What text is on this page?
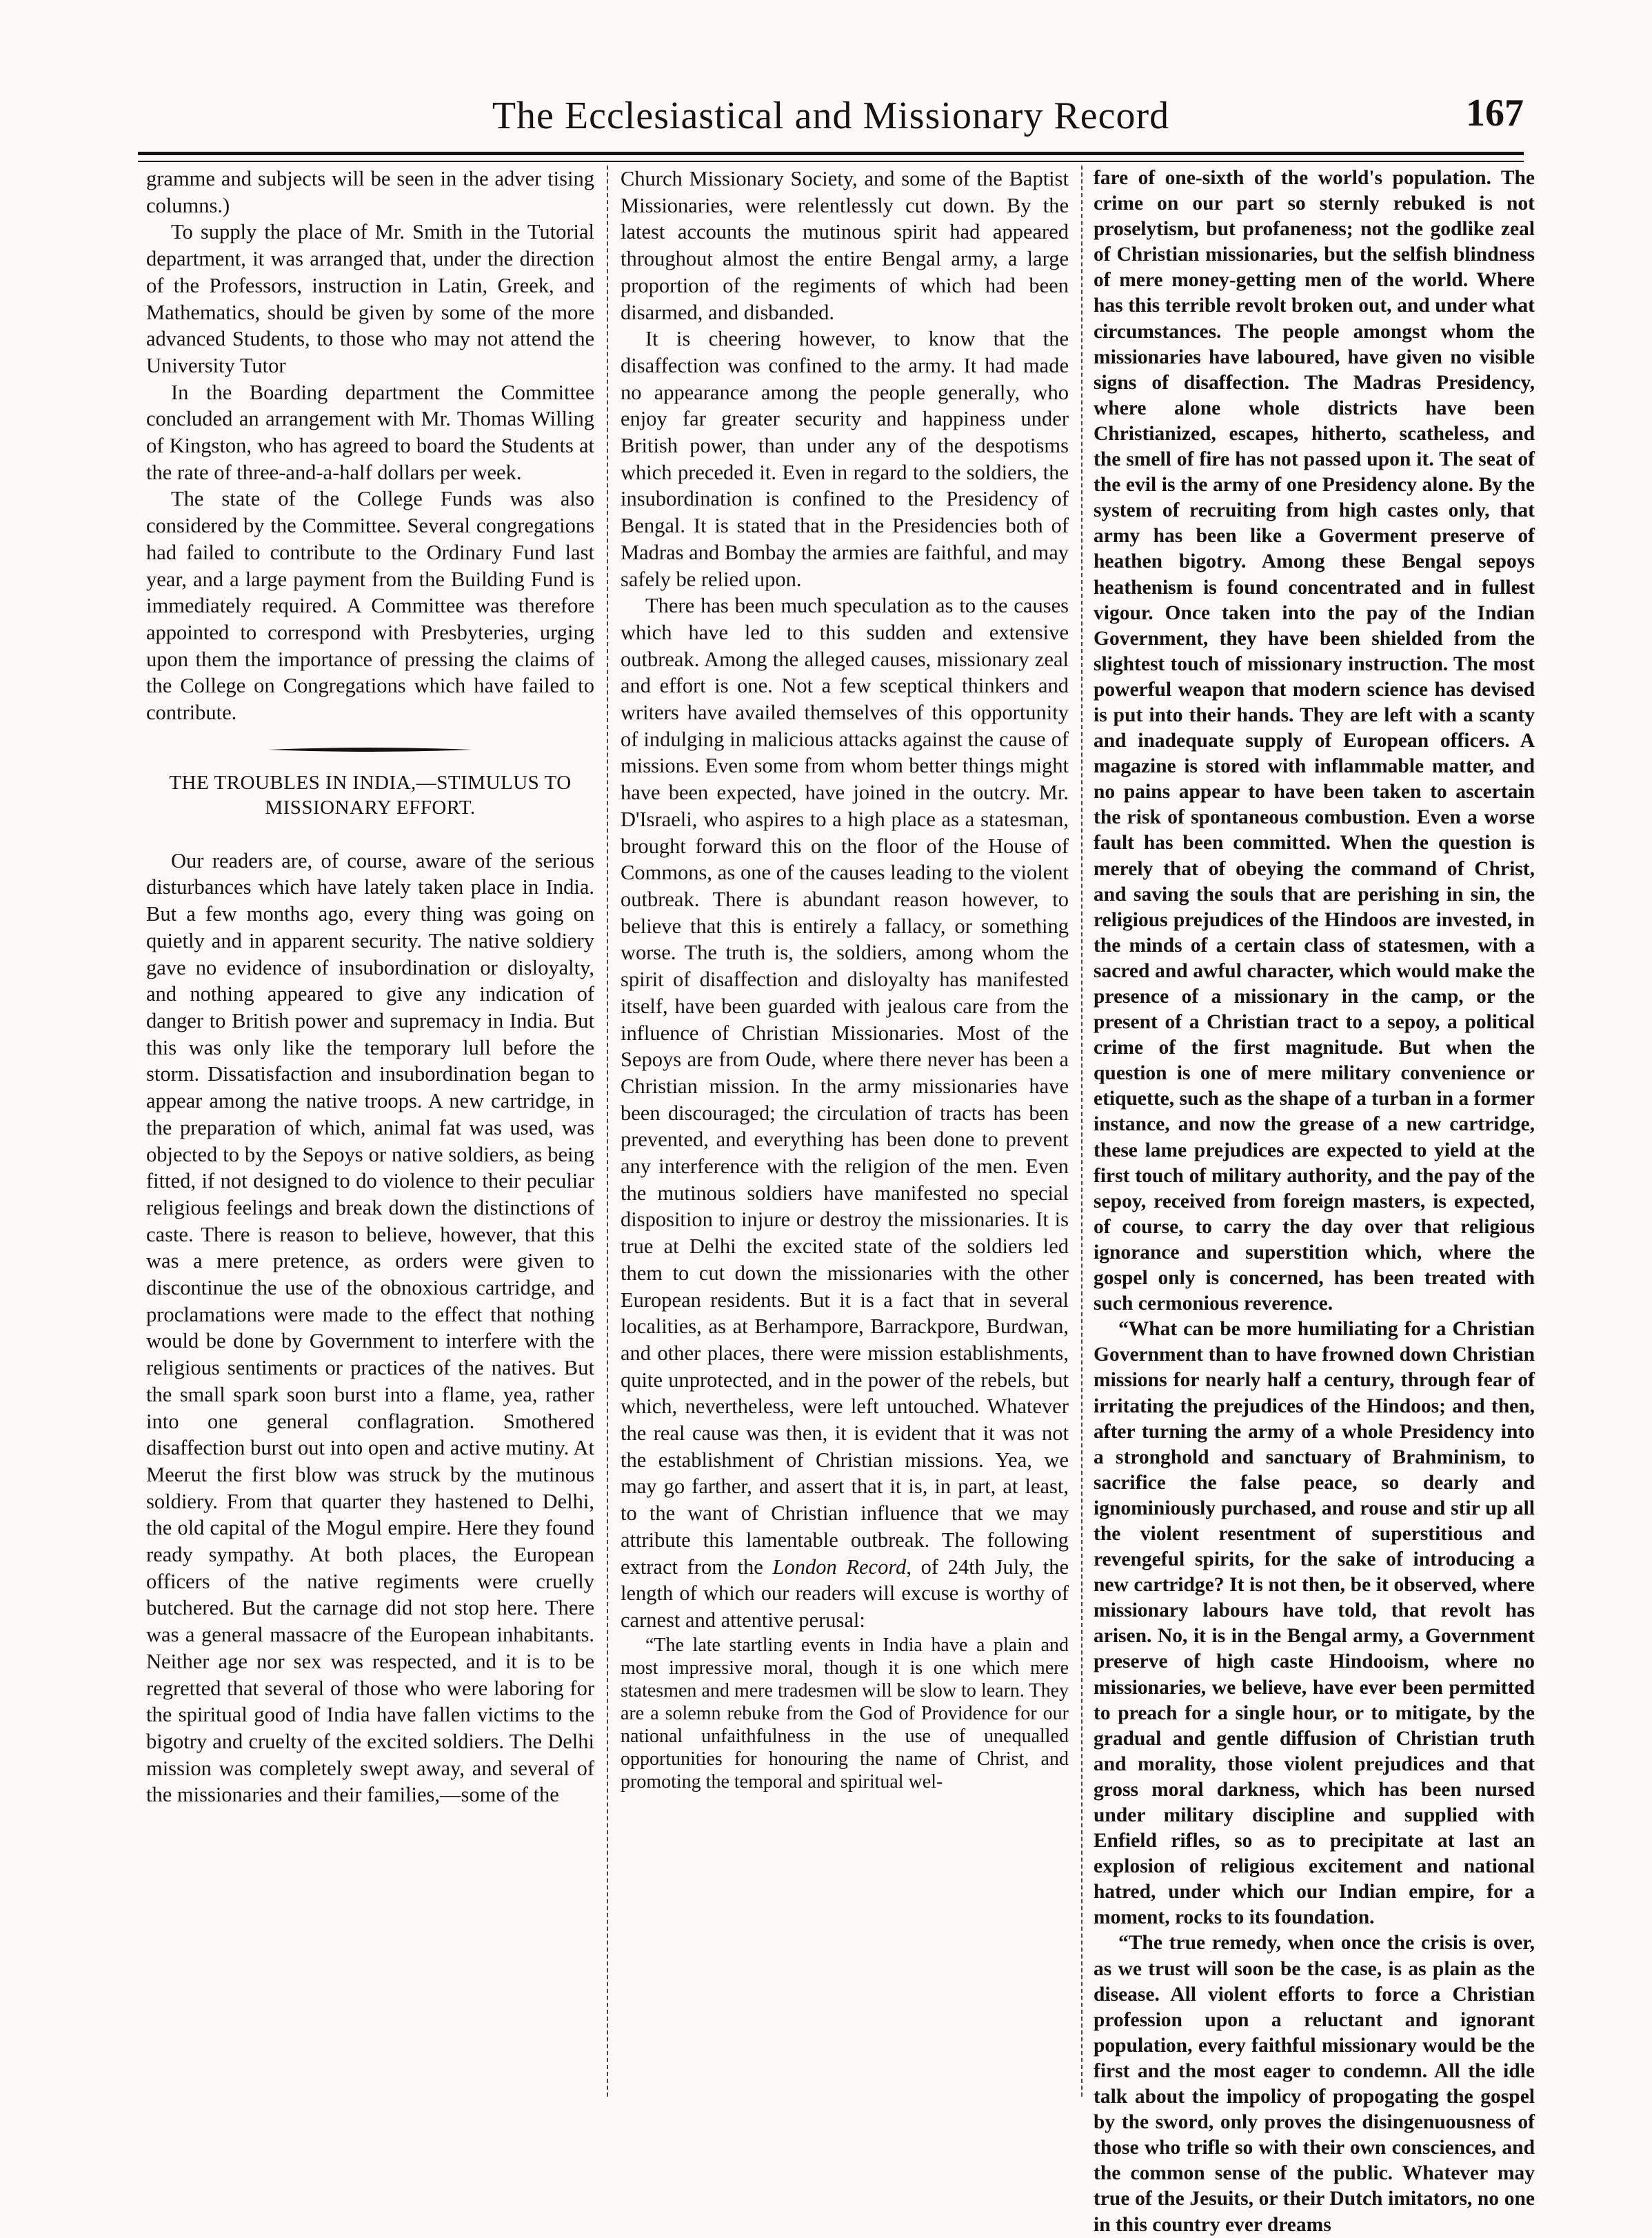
The Ecclesiastical and Missionary Record	167

gramme and subjects will be seen in the adver tising columns.)

To supply the place of Mr. Smith in the Tutorial department, it was arranged that, under the direction of the Professors, instruction in Latin, Greek, and Mathematics, should be given by some of the more advanced Students, to those who may not attend the University Tutor

In the Boarding department the Committee concluded an arrangement with Mr. Thomas Willing of Kingston, who has agreed to board the Students at the rate of three-and-a-half dollars per week.

The state of the College Funds was also considered by the Committee. Several congregations had failed to contribute to the Ordinary Fund last year, and a large payment from the Building Fund is immediately required. A Committee was therefore appointed to correspond with Presbyteries, urging upon them the importance of pressing the claims of the College on Congregations which have failed to contribute.

THE TROUBLES IN INDIA,—STIMULUS TO MISSIONARY EFFORT.

Our readers are, of course, aware of the serious disturbances which have lately taken place in India. But a few months ago, every thing was going on quietly and in apparent security. The native soldiery gave no evidence of insubordination or disloyalty, and nothing appeared to give any indication of danger to British power and supremacy in India. But this was only like the temporary lull before the storm. Dissatisfaction and insubordination began to appear among the native troops. A new cartridge, in the preparation of which, animal fat was used, was objected to by the Sepoys or native soldiers, as being fitted, if not designed to do violence to their peculiar religious feelings and break down the distinctions of caste. There is reason to believe, however, that this was a mere pretence, as orders were given to discontinue the use of the obnoxious cartridge, and proclamations were made to the effect that nothing would be done by Government to interfere with the religious sentiments or practices of the natives. But the small spark soon burst into a flame, yea, rather into one general conflagration. Smothered disaffection burst out into open and active mutiny. At Meerut the first blow was struck by the mutinous soldiery. From that quarter they hastened to Delhi, the old capital of the Mogul empire. Here they found ready sympathy. At both places, the European officers of the native regiments were cruelly butchered. But the carnage did not stop here. There was a general massacre of the European inhabitants. Neither age nor sex was respected, and it is to be regretted that several of those who were laboring for the spiritual good of India have fallen victims to the bigotry and cruelty of the excited soldiers. The Delhi mission was completely swept away, and several of the missionaries and their families,—some of the

Church Missionary Society, and some of the Baptist Missionaries, were relentlessly cut down. By the latest accounts the mutinous spirit had appeared throughout almost the entire Bengal army, a large proportion of the regiments of which had been disarmed, and disbanded.

It is cheering however, to know that the disaffection was confined to the army. It had made no appearance among the people generally, who enjoy far greater security and happiness under British power, than under any of the despotisms which preceded it. Even in regard to the soldiers, the insubordination is confined to the Presidency of Bengal. It is stated that in the Presidencies both of Madras and Bombay the armies are faithful, and may safely be relied upon.

There has been much speculation as to the causes which have led to this sudden and extensive outbreak. Among the alleged causes, missionary zeal and effort is one. Not a few sceptical thinkers and writers have availed themselves of this opportunity of indulging in malicious attacks against the cause of missions. Even some from whom better things might have been expected, have joined in the outcry. Mr. D'Israeli, who aspires to a high place as a statesman, brought forward this on the floor of the House of Commons, as one of the causes leading to the violent outbreak. There is abundant reason however, to believe that this is entirely a fallacy, or something worse. The truth is, the soldiers, among whom the spirit of disaffection and disloyalty has manifested itself, have been guarded with jealous care from the influence of Christian Missionaries. Most of the Sepoys are from Oude, where there never has been a Christian mission. In the army missionaries have been discouraged; the circulation of tracts has been prevented, and everything has been done to prevent any interference with the religion of the men. Even the mutinous soldiers have manifested no special disposition to injure or destroy the missionaries. It is true at Delhi the excited state of the soldiers led them to cut down the missionaries with the other European residents. But it is a fact that in several localities, as at Berhampore, Barrackpore, Burdwan, and other places, there were mission establishments, quite unprotected, and in the power of the rebels, but which, nevertheless, were left untouched. Whatever the real cause was then, it is evident that it was not the establishment of Christian missions. Yea, we may go farther, and assert that it is, in part, at least, to the want of Christian influence that we may attribute this lamentable outbreak. The following extract from the London Record, of 24th July, the length of which our readers will excuse is worthy of carnest and attentive perusal:

“The late startling events in India have a plain and most impressive moral, though it is one which mere statesmen and mere tradesmen will be slow to learn. They are a solemn rebuke from the God of Providence for our national unfaithfulness in the use of unequalled opportunities for honouring the name of Christ, and promoting the temporal and spiritual wel-

fare of one-sixth of the world's population. The crime on our part so sternly rebuked is not proselytism, but profaneness; not the godlike zeal of Christian missionaries, but the selfish blindness of mere money-getting men of the world. Where has this terrible revolt broken out, and under what circumstances. The people amongst whom the missionaries have laboured, have given no visible signs of disaffection. The Madras Presidency, where alone whole districts have been Christianized, escapes, hitherto, scatheless, and the smell of fire has not passed upon it. The seat of the evil is the army of one Presidency alone. By the system of recruiting from high castes only, that army has been like a Goverment preserve of heathen bigotry. Among these Bengal sepoys heathenism is found concentrated and in fullest vigour. Once taken into the pay of the Indian Government, they have been shielded from the slightest touch of missionary instruction. The most powerful weapon that modern science has devised is put into their hands. They are left with a scanty and inadequate supply of European officers. A magazine is stored with inflammable matter, and no pains appear to have been taken to ascertain the risk of spontaneous combustion. Even a worse fault has been committed. When the question is merely that of obeying the command of Christ, and saving the souls that are perishing in sin, the religious prejudices of the Hindoos are invested, in the minds of a certain class of statesmen, with a sacred and awful character, which would make the presence of a missionary in the camp, or the present of a Christian tract to a sepoy, a political crime of the first magnitude. But when the question is one of mere military convenience or etiquette, such as the shape of a turban in a former instance, and now the grease of a new cartridge, these lame prejudices are expected to yield at the first touch of military authority, and the pay of the sepoy, received from foreign masters, is expected, of course, to carry the day over that religious ignorance and superstition which, where the gospel only is concerned, has been treated with such cermonious reverence.

“What can be more humiliating for a Christian Government than to have frowned down Christian missions for nearly half a century, through fear of irritating the prejudices of the Hindoos; and then, after turning the army of a whole Presidency into a stronghold and sanctuary of Brahminism, to sacrifice the false peace, so dearly and ignominiously purchased, and rouse and stir up all the violent resentment of superstitious and revengeful spirits, for the sake of introducing a new cartridge? It is not then, be it observed, where missionary labours have told, that revolt has arisen. No, it is in the Bengal army, a Government preserve of high caste Hindooism, where no missionaries, we believe, have ever been permitted to preach for a single hour, or to mitigate, by the gradual and gentle diffusion of Christian truth and morality, those violent prejudices and that gross moral darkness, which has been nursed under military discipline and supplied with Enfield rifles, so as to precipitate at last an explosion of religious excitement and national hatred, under which our Indian empire, for a moment, rocks to its foundation.

“The true remedy, when once the crisis is over, as we trust will soon be the case, is as plain as the disease. All violent efforts to force a Christian profession upon a reluctant and ignorant population, every faithful missionary would be the first and the most eager to condemn. All the idle talk about the impolicy of propogating the gospel by the sword, only proves the disingenuousness of those who trifle so with their own consciences, and the common sense of the public. Whatever may true of the Jesuits, or their Dutch imitators, no one in this country ever dreams
